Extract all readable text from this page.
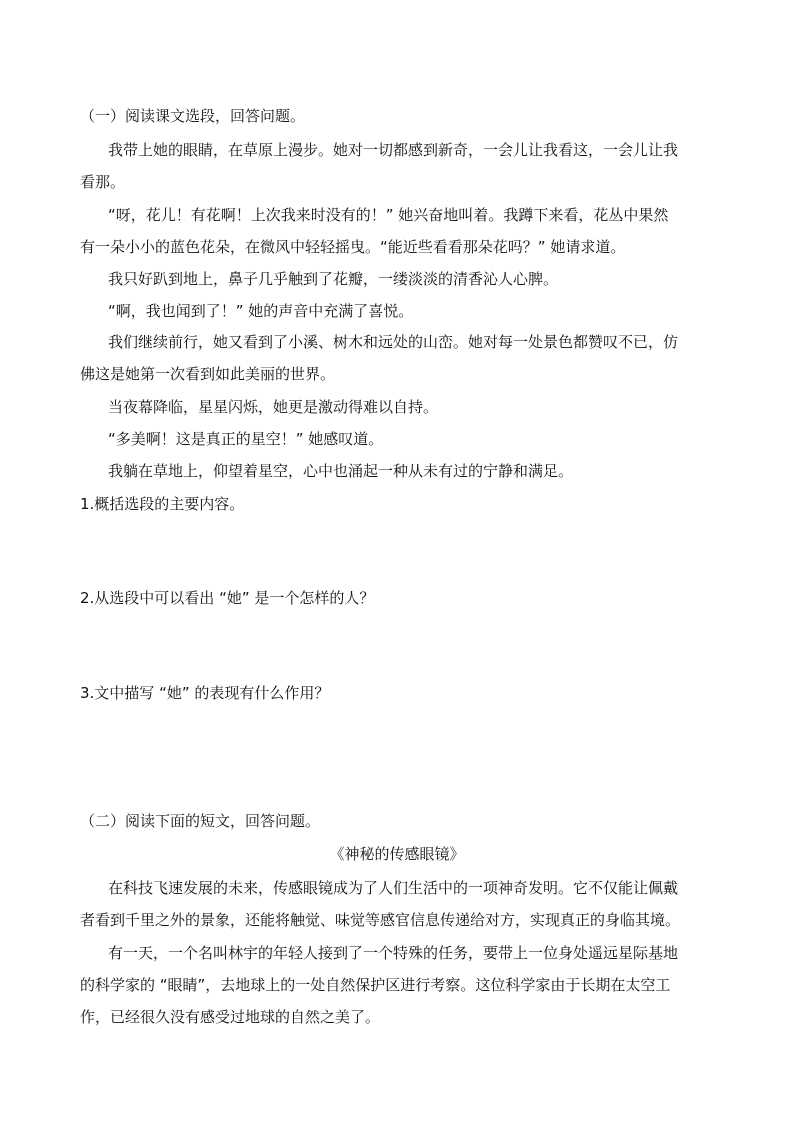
（一）阅读课文选段，回答问题。
我带上她的眼睛，在草原上漫步。她对一切都感到新奇，一会儿让我看这，一会儿让我
看那。
“呀，花儿！有花啊！上次我来时没有的！” 她兴奋地叫着。我蹲下来看，花丛中果然
有一朵小小的蓝色花朵，在微风中轻轻摇曳。“能近些看看那朵花吗？” 她请求道。
我只好趴到地上，鼻子几乎触到了花瓣，一缕淡淡的清香沁人心脾。
“啊，我也闻到了！” 她的声音中充满了喜悦。
我们继续前行，她又看到了小溪、树木和远处的山峦。她对每一处景色都赞叹不已，仿
佛这是她第一次看到如此美丽的世界。
当夜幕降临，星星闪烁，她更是激动得难以自持。
“多美啊！这是真正的星空！” 她感叹道。
我躺在草地上，仰望着星空，心中也涌起一种从未有过的宁静和满足。
1.概括选段的主要内容。
2.从选段中可以看出 “她” 是一个怎样的人？
3.文中描写 “她” 的表现有什么作用？
（二）阅读下面的短文，回答问题。
《神秘的传感眼镜》
在科技飞速发展的未来，传感眼镜成为了人们生活中的一项神奇发明。它不仅能让佩戴
者看到千里之外的景象，还能将触觉、味觉等感官信息传递给对方，实现真正的身临其境。
有一天，一个名叫林宇的年轻人接到了一个特殊的任务，要带上一位身处遥远星际基地
的科学家的 “眼睛”，去地球上的一处自然保护区进行考察。这位科学家由于长期在太空工
作，已经很久没有感受过地球的自然之美了。
